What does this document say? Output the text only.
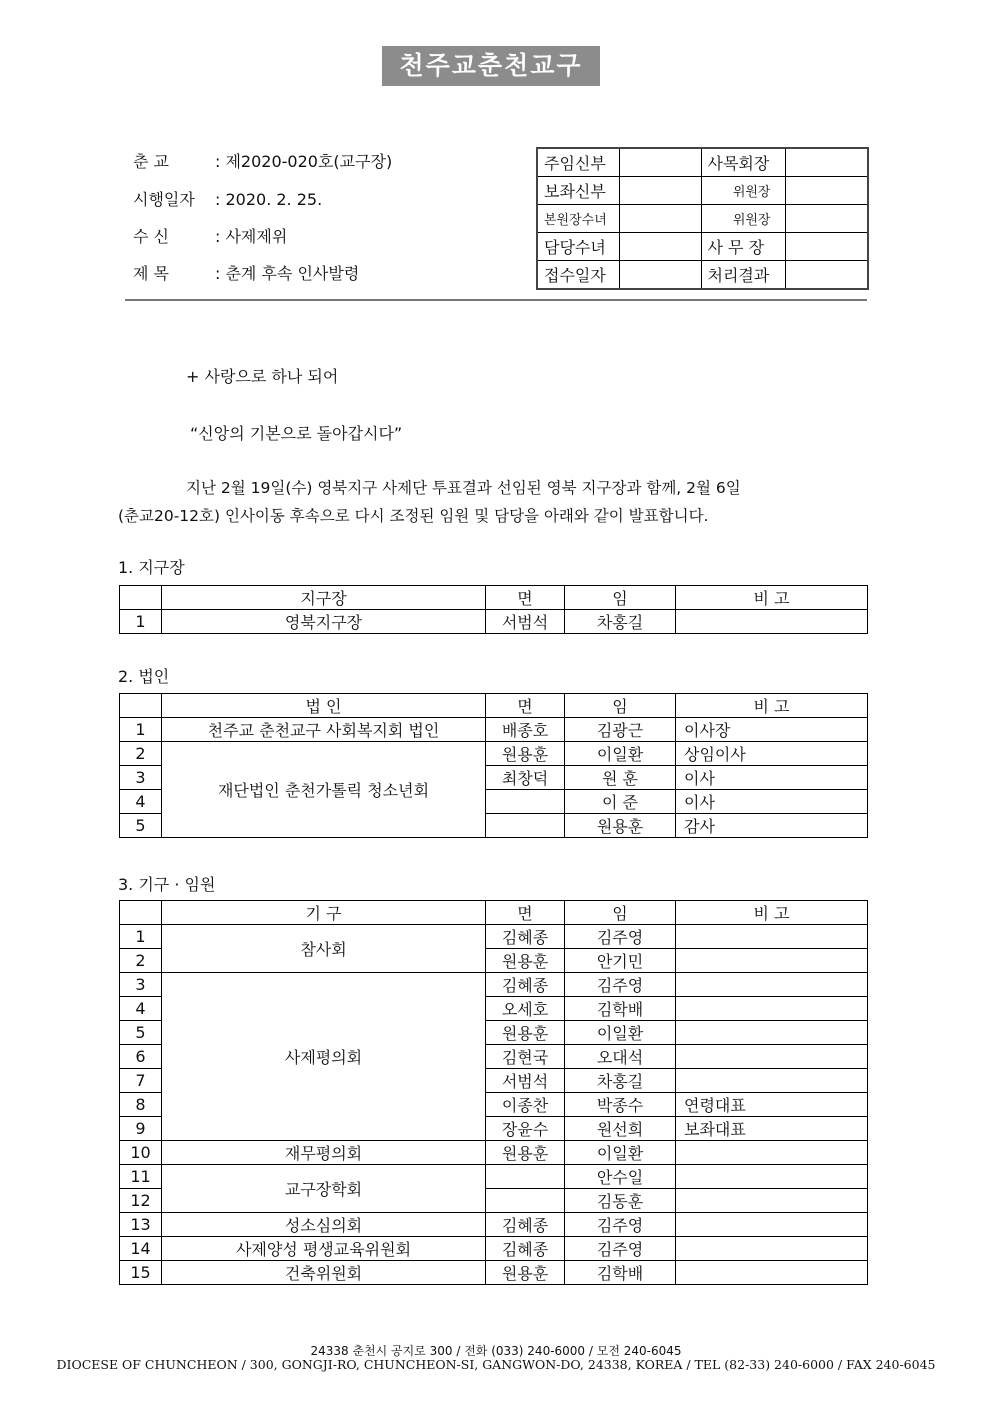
천주교춘천교구
춘 교	: 제2020-020호(교구장)
시행일자 : 2020. 2. 25.
수 신	: 사제제위
제 목	: 춘계 후속 인사발령
주임신부		사목회장	
보좌신부		위원장	
본원장수녀		위원장	
담당수녀		사 무 장	
접수일자		처리결과	
+ 사랑으로 하나 되어
“신앙의 기본으로 돌아갑시다”
지난 2월 19일(수) 영북지구 사제단 투표결과 선임된 영북 지구장과 함께, 2월 6일
(춘교20-12호) 인사이동 후속으로 다시 조정된 임원 및 담당을 아래와 같이 발표합니다.
1. 지구장
	지구장	면	임	비 고
1	영북지구장	서범석	차홍길	
2. 법인
	법 인	면	임	비 고
1	천주교 춘천교구 사회복지회 법인	배종호	김광근	이사장
2	재단법인 춘천가톨릭 청소년회	원용훈	이일환	상임이사
3		최창덕	원 훈	이사
4			이 준	이사
5			원용훈	감사
3. 기구 · 임원
	기 구	면	임	비 고
1	참사회	김혜종	김주영	
2		원용훈	안기민	
3	사제평의회	김혜종	김주영	
4		오세호	김학배	
5		원용훈	이일환	
6		김현국	오대석	
7		서범석	차홍길	
8		이종찬	박종수	연령대표
9		장윤수	원선희	보좌대표
10	재무평의회	원용훈	이일환	
11	교구장학회		안수일	
12			김동훈	
13	성소심의회	김혜종	김주영	
14	사제양성 평생교육위원회	김혜종	김주영	
15	건축위원회	원용훈	김학배	
24338 춘천시 공지로 300 / 전화 (033) 240-6000 / 모전 240-6045
DIOCESE OF CHUNCHEON / 300, GONGJI-RO, CHUNCHEON-SI, GANGWON-DO, 24338, KOREA / TEL (82-33) 240-6000 / FAX 240-6045
